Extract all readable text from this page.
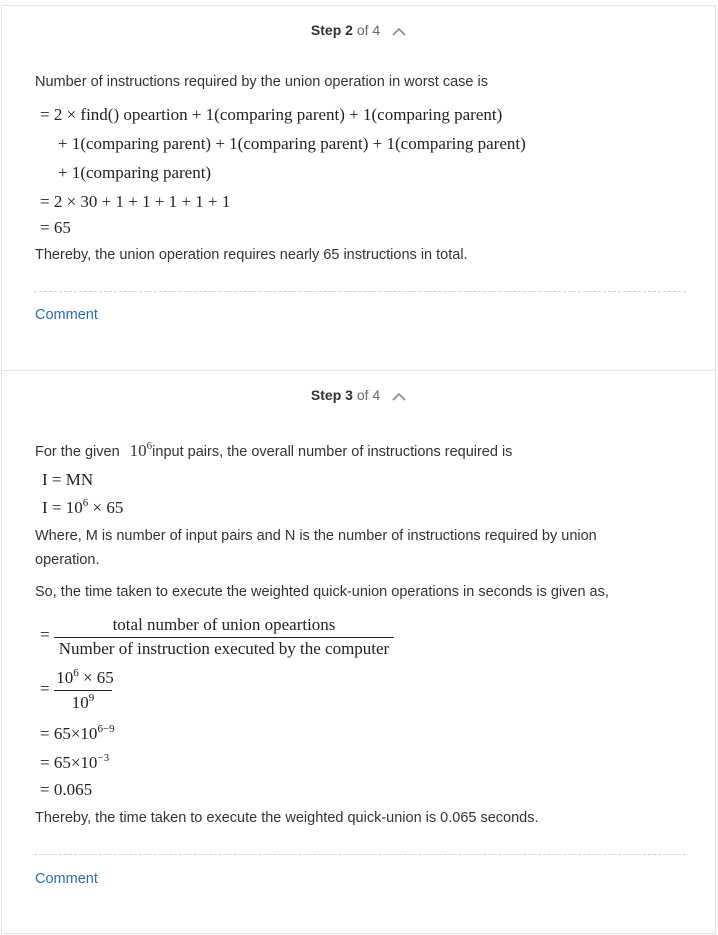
Step 2 of 4
Number of instructions required by the union operation in worst case is
= 2 × find() opeartion + 1(comparing parent) + 1(comparing parent)
+ 1(comparing parent) + 1(comparing parent) + 1(comparing parent)
+ 1(comparing parent)
= 2 × 30 + 1 + 1 + 1 + 1 + 1
= 65
Thereby, the union operation requires nearly 65 instructions in total.
Comment
Step 3 of 4
For the given $10^6input$ pairs, the overall number of instructions required is
I = MN
$I = 10^6 \times 65$
Where, M is number of input pairs and N is the number of instructions required by union
operation.
So, the time taken to execute the weighted quick-union operations in seconds is given as,
=
total number of union opeartions
Number of instruction executed by the computer
=
$10^6 \times 65$
$10^9$
= $65\times 10^{6-9}$
= $65\times 10^{-3}$
= 0.065
Thereby, the time taken to execute the weighted quick-union is 0.065 seconds.
Comment
